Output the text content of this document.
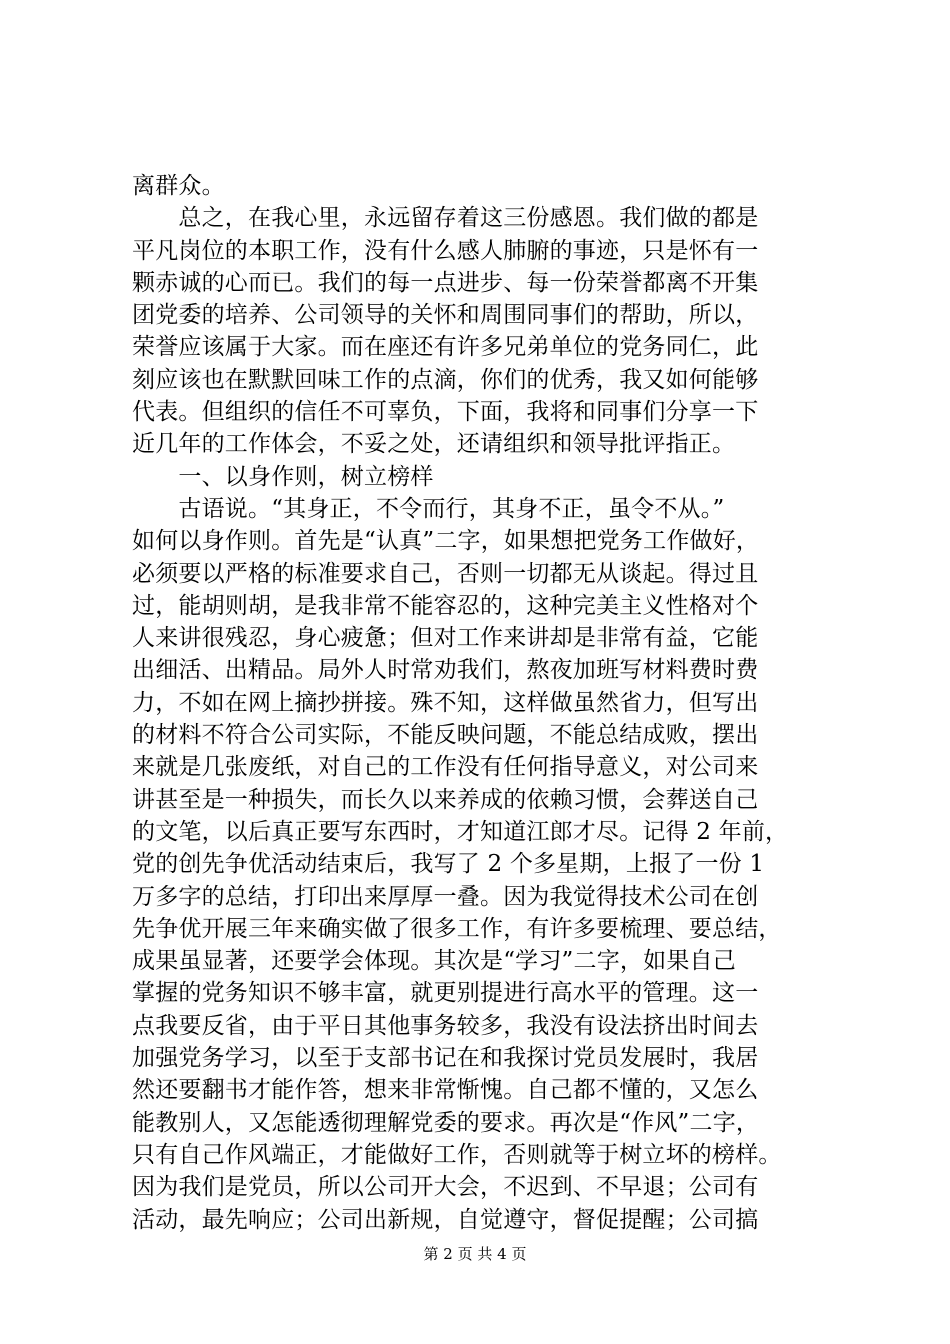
离群众。
　　总之，在我心里，永远留存着这三份感恩。我们做的都是
平凡岗位的本职工作，没有什么感人肺腑的事迹，只是怀有一
颗赤诚的心而已。我们的每一点进步、每一份荣誉都离不开集
团党委的培养、公司领导的关怀和周围同事们的帮助，所以，
荣誉应该属于大家。而在座还有许多兄弟单位的党务同仁，此
刻应该也在默默回味工作的点滴，你们的优秀，我又如何能够
代表。但组织的信任不可辜负，下面，我将和同事们分享一下
近几年的工作体会，不妥之处，还请组织和领导批评指正。
　　一、以身作则，树立榜样
　　古语说。“其身正，不令而行，其身不正，虽令不从。”
如何以身作则。首先是“认真”二字，如果想把党务工作做好，
必须要以严格的标准要求自己，否则一切都无从谈起。得过且
过，能胡则胡，是我非常不能容忍的，这种完美主义性格对个
人来讲很残忍，身心疲惫；但对工作来讲却是非常有益，它能
出细活、出精品。局外人时常劝我们，熬夜加班写材料费时费
力，不如在网上摘抄拼接。殊不知，这样做虽然省力，但写出
的材料不符合公司实际，不能反映问题，不能总结成败，摆出
来就是几张废纸，对自己的工作没有任何指导意义，对公司来
讲甚至是一种损失，而长久以来养成的依赖习惯，会葬送自己
的文笔，以后真正要写东西时，才知道江郎才尽。记得 2 年前，
党的创先争优活动结束后，我写了 2 个多星期，上报了一份 1
万多字的总结，打印出来厚厚一叠。因为我觉得技术公司在创
先争优开展三年来确实做了很多工作，有许多要梳理、要总结，
成果虽显著，还要学会体现。其次是“学习”二字，如果自己
掌握的党务知识不够丰富，就更别提进行高水平的管理。这一
点我要反省，由于平日其他事务较多，我没有设法挤出时间去
加强党务学习，以至于支部书记在和我探讨党员发展时，我居
然还要翻书才能作答，想来非常惭愧。自己都不懂的，又怎么
能教别人，又怎能透彻理解党委的要求。再次是“作风”二字，
只有自己作风端正，才能做好工作，否则就等于树立坏的榜样。
因为我们是党员，所以公司开大会，不迟到、不早退；公司有
活动，最先响应；公司出新规，自觉遵守，督促提醒；公司搞
第 2 页 共 4 页
